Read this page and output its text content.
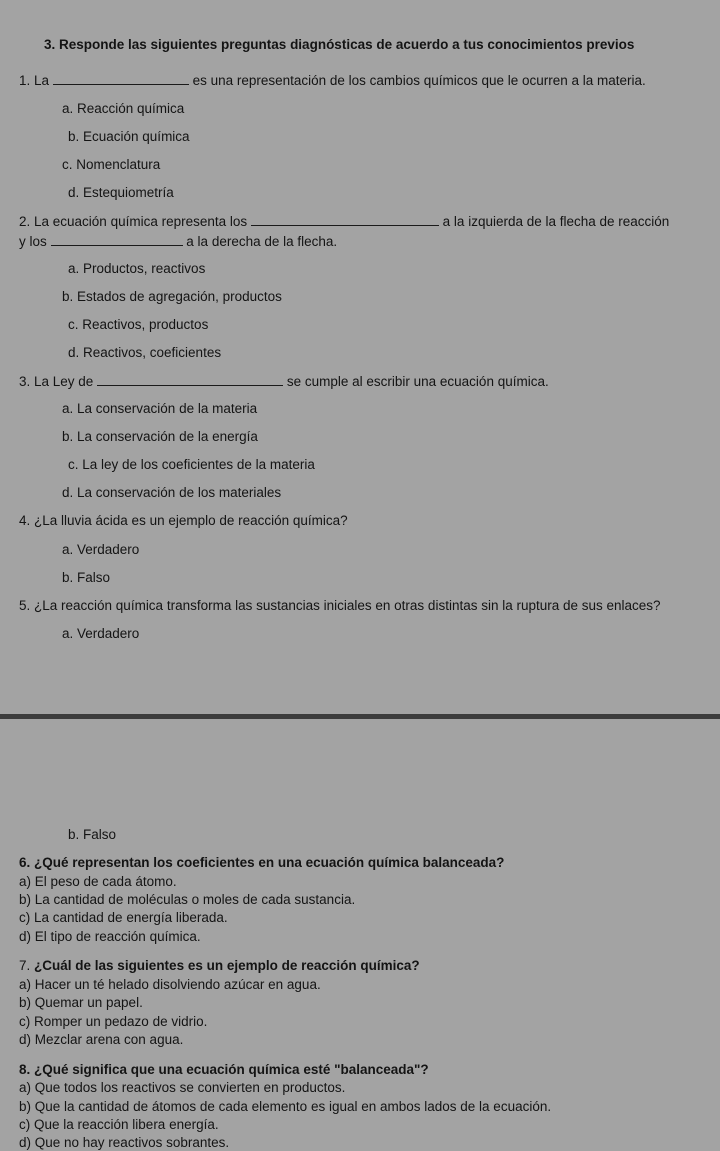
3. Responde las siguientes preguntas diagnósticas de acuerdo a tus conocimientos previos
1. La	es una representación de los cambios químicos que le ocurren a la materia.
a. Reacción química
b. Ecuación química
c. Nomenclatura
d. Estequiometría
2. La ecuación química representa los	a la izquierda de la flecha de reacción
y los	a la derecha de la flecha.
a. Productos, reactivos
b. Estados de agregación, productos
c. Reactivos, productos
d. Reactivos, coeficientes
3. La Ley de	se cumple al escribir una ecuación química.
a. La conservación de la materia
b. La conservación de la energía
c. La ley de los coeficientes de la materia
d. La conservación de los materiales
4. ¿La lluvia ácida es un ejemplo de reacción química?
a. Verdadero
b. Falso
5. ¿La reacción química transforma las sustancias iniciales en otras distintas sin la ruptura de sus enlaces?
a. Verdadero
b. Falso
6. ¿Qué representan los coeficientes en una ecuación química balanceada?
a) El peso de cada átomo.
b) La cantidad de moléculas o moles de cada sustancia.
c) La cantidad de energía liberada.
d) El tipo de reacción química.
7. ¿Cuál de las siguientes es un ejemplo de reacción química?
a) Hacer un té helado disolviendo azúcar en agua.
b) Quemar un papel.
c) Romper un pedazo de vidrio.
d) Mezclar arena con agua.
8. ¿Qué significa que una ecuación química esté "balanceada"?
a) Que todos los reactivos se convierten en productos.
b) Que la cantidad de átomos de cada elemento es igual en ambos lados de la ecuación.
c) Que la reacción libera energía.
d) Que no hay reactivos sobrantes.
